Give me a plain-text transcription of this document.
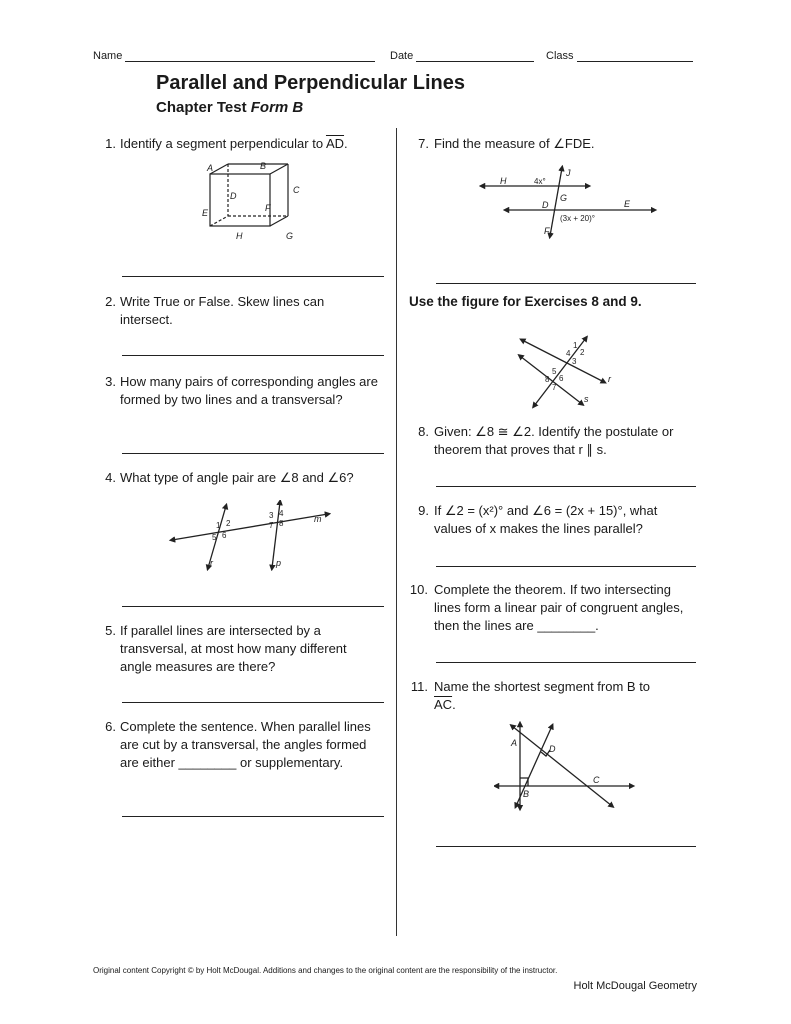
Name	Date	Class
Parallel and Perpendicular Lines
Chapter Test Form B
1. Identify a segment perpendicular to $\overline{AD}$.
A	B
C
D
E	F
G
H
2. Write True or False. Skew lines can intersect.
3. How many pairs of corresponding angles are formed by two lines and a transversal?
4. What type of angle pair are ∠8 and ∠6?
1 2
5 6
3 4
7 8	m
r	p
5. If parallel lines are intersected by a transversal, at most how many different angle measures are there?
6. Complete the sentence. When parallel lines are cut by a transversal, the angles formed are either ________ or supplementary.
7. Find the measure of ∠FDE.
H
J
G
D	E
F
4x°
(3x + 20)°
Use the figure for Exercises 8 and 9.
1
4 2
3
5
8 6
7
r
s
8. Given: ∠8 ≅ ∠2. Identify the postulate or theorem that proves that r ∥ s.
9. If ∠2 = (x²)° and ∠6 = (2x + 15)°, what values of x makes the lines parallel?
10. Complete the theorem. If two intersecting lines form a linear pair of congruent angles, then the lines are ________.
11. Name the shortest segment from B to
$\overline{AC}$.
A
D
C
B
Original content Copyright © by Holt McDougal. Additions and changes to the original content are the responsibility of the instructor.
Holt McDougal Geometry
